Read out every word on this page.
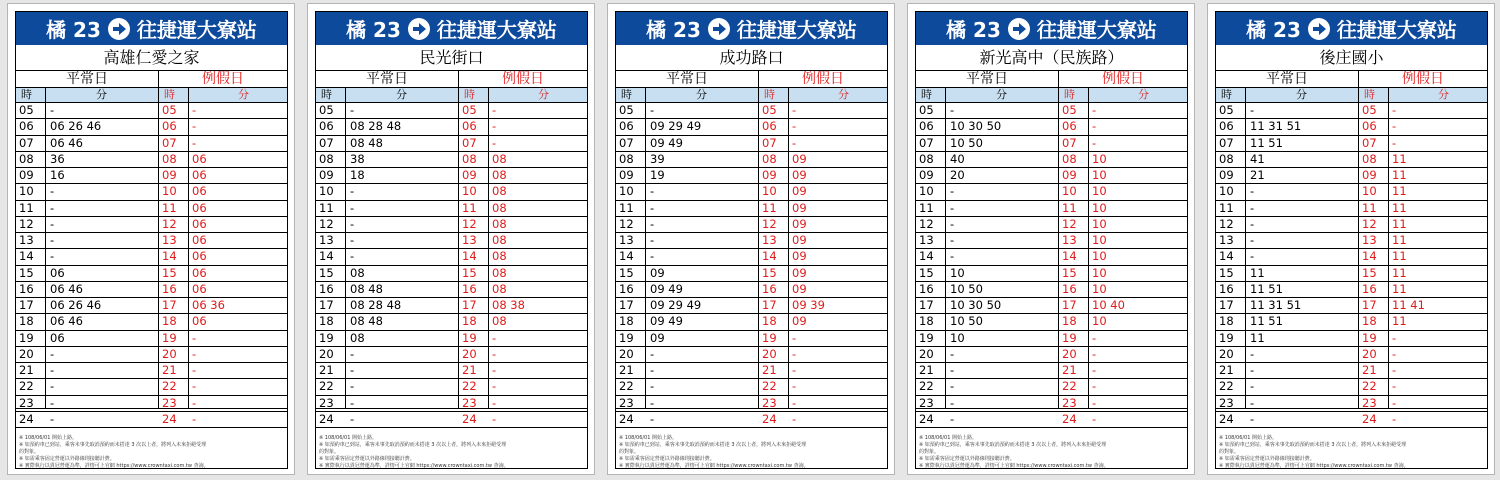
橘 23 往捷運大寮站
高雄仁愛之家
平常日	例假日
時	分	時	分
05	-	05 -
06	06 26 46	06 -
07	06 46	07 -
08	36	08 06
09	16	09 06
10	-	10 06
11	-	11 06
12	-	12 06
13	-	13 06
14	-	14 06
15	06	15 06
16	06 46	16 06
17	06 26 46	17 06 36
18	06 46	18 06
19	06	19 -
20	-	20 -
21	-	21 -
22	-	22 -
23	-	23 -
24	-	24 -
※ 108/06/01 開始上路。
※ 如預約車已到站，乘客未事先取消預約而未搭達 3 次以上者，將列入未來拒絕受理
的對象。
※ 如需乘客固定營運以外路線則接聽計費。
※ 實際執行以貴冠營運為準，詳情可上官網 https://www.crowntaxi.com.tw 查詢。
橘 23 往捷運大寮站
民光街口
平常日	例假日
時	分	時	分
05	-	05 -
06	08 28 48	06 -
07	08 48	07 -
08	38	08 08
09	18	09 08
10	-	10 08
11	-	11 08
12	-	12 08
13	-	13 08
14	-	14 08
15	08	15 08
16	08 48	16 08
17	08 28 48	17 08 38
18	08 48	18 08
19	08	19 -
20	-	20 -
21	-	21 -
22	-	22 -
23	-	23 -
24	-	24 -
※ 108/06/01 開始上路。
※ 如預約車已到站，乘客未事先取消預約而未搭達 3 次以上者，將列入未來拒絕受理
的對象。
※ 如需乘客固定營運以外路線則接聽計費。
※ 實際執行以貴冠營運為準，詳情可上官網 https://www.crowntaxi.com.tw 查詢。
橘 23 往捷運大寮站
成功路口
平常日	例假日
時	分	時	分
05	-	05 -
06	09 29 49	06 -
07	09 49	07 -
08	39	08 09
09	19	09 09
10	-	10 09
11	-	11 09
12	-	12 09
13	-	13 09
14	-	14 09
15	09	15 09
16	09 49	16 09
17	09 29 49	17 09 39
18	09 49	18 09
19	09	19 -
20	-	20 -
21	-	21 -
22	-	22 -
23	-	23 -
24	-	24 -
※ 108/06/01 開始上路。
※ 如預約車已到站，乘客未事先取消預約而未搭達 3 次以上者，將列入未來拒絕受理
的對象。
※ 如需乘客固定營運以外路線則接聽計費。
※ 實際執行以貴冠營運為準，詳情可上官網 https://www.crowntaxi.com.tw 查詢。
橘 23 往捷運大寮站
新光高中（民族路）
平常日	例假日
時	分	時	分
05	-	05 -
06	10 30 50	06 -
07	10 50	07 -
08	40	08 10
09	20	09 10
10	-	10 10
11	-	11 10
12	-	12 10
13	-	13 10
14	-	14 10
15	10	15 10
16	10 50	16 10
17	10 30 50	17 10 40
18	10 50	18 10
19	10	19 -
20	-	20 -
21	-	21 -
22	-	22 -
23	-	23 -
24	-	24 -
※ 108/06/01 開始上路。
※ 如預約車已到站，乘客未事先取消預約而未搭達 3 次以上者，將列入未來拒絕受理
的對象。
※ 如需乘客固定營運以外路線則接聽計費。
※ 實際執行以貴冠營運為準，詳情可上官網 https://www.crowntaxi.com.tw 查詢。
橘 23 往捷運大寮站
後庄國小
平常日	例假日
時	分	時	分
05	-	05 -
06	11 31 51	06 -
07	11 51	07 -
08	41	08 11
09	21	09 11
10	-	10 11
11	-	11 11
12	-	12 11
13	-	13 11
14	-	14 11
15	11	15 11
16	11 51	16 11
17	11 31 51	17 11 41
18	11 51	18 11
19	11	19 -
20	-	20 -
21	-	21 -
22	-	22 -
23	-	23 -
24	-	24 -
※ 108/06/01 開始上路。
※ 如預約車已到站，乘客未事先取消預約而未搭達 3 次以上者，將列入未來拒絕受理
的對象。
※ 如需乘客固定營運以外路線則接聽計費。
※ 實際執行以貴冠營運為準，詳情可上官網 https://www.crowntaxi.com.tw 查詢。
